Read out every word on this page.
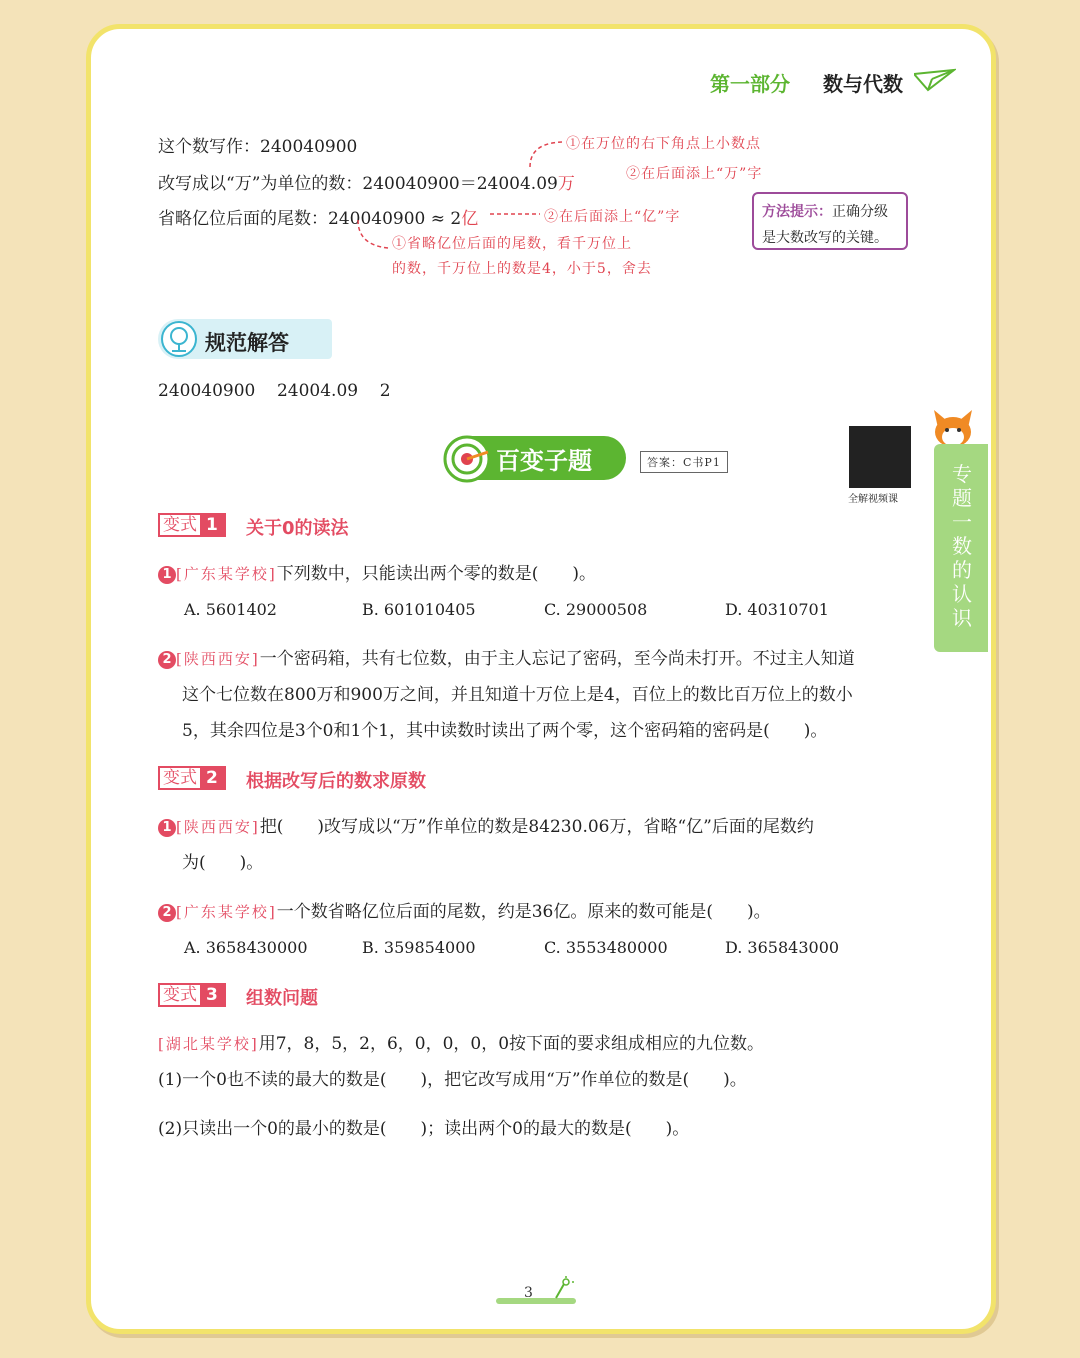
第一部分 数与代数
这个数写作：240040900
改写成以“万”为单位的数：240040900＝24004.09万
省略亿位后面的尾数：240040900 ≈ 2亿
①在万位的右下角点上小数点
②在后面添上“万”字
②在后面添上“亿”字
①省略亿位后面的尾数，看千万位上
的数，千万位上的数是4，小于5，舍去
方法提示：正确分级
是大数改写的关键。
规范解答
240040900    24004.09    2
百变子题	答案：C书P1
全解视频课
专题一 数的认识
变式 1	关于0的读法
1 [广东某学校]下列数中，只能读出两个零的数是(　　)。
A. 5601402	B. 601010405	C. 29000508	D. 40310701
2 [陕西西安]一个密码箱，共有七位数，由于主人忘记了密码，至今尚未打开。不过主人知道
这个七位数在800万和900万之间，并且知道十万位上是4，百位上的数比百万位上的数小
5，其余四位是3个0和1个1，其中读数时读出了两个零，这个密码箱的密码是(　　)。
变式 2	根据改写后的数求原数
1 [陕西西安]把(　　)改写成以“万”作单位的数是84230.06万，省略“亿”后面的尾数约
为(　　)。
2 [广东某学校]一个数省略亿位后面的尾数，约是36亿。原来的数可能是(　　)。
A. 3658430000	B. 359854000	C. 3553480000	D. 365843000
变式 3	组数问题
[湖北某学校]用7，8，5，2，6，0，0，0，0按下面的要求组成相应的九位数。
(1)一个0也不读的最大的数是(　　)，把它改写成用“万”作单位的数是(　　)。
(2)只读出一个0的最小的数是(　　)；读出两个0的最大的数是(　　)。
3
